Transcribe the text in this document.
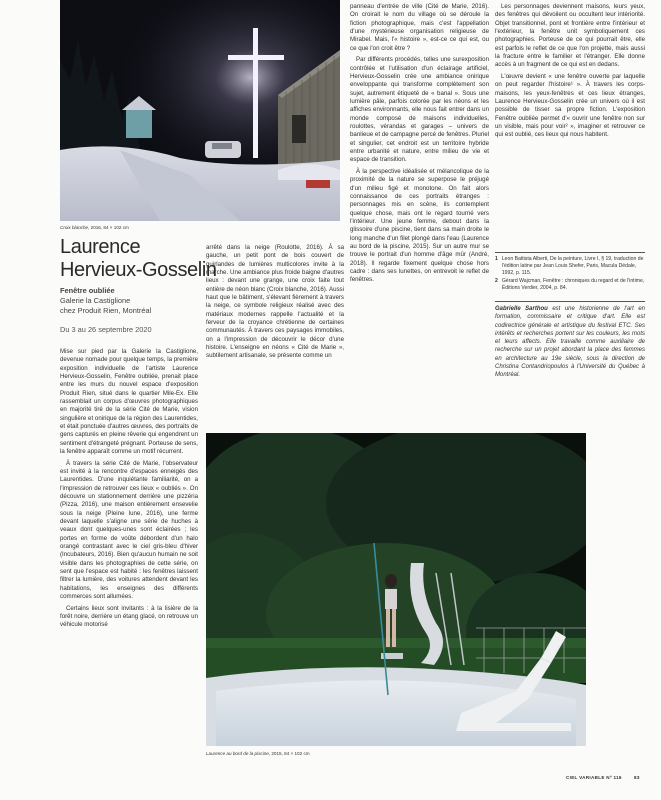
Croix blanche, 2016, 84 × 102 cm
Laurence
Hervieux-Gosselin
Fenêtre oubliée
Galerie la Castiglione
chez Produit Rien, Montréal
Du 3 au 26 septembre 2020

Mise sur pied par la Galerie la Castiglione, devenue nomade pour quelque temps, la première exposition individuelle de l'artiste Laurence Hervieux-Gosselin, Fenêtre oubliée, prenait place entre les murs du nouvel espace d'exposition Produit Rien, situé dans le quartier Mile-Ex. Elle rassemblait un corpus d'œuvres photographiques en majorité tiré de la série Cité de Marie, vision singulière et onirique de la région des Laurentides, et était ponctuée d'autres œuvres, des portraits de gens capturés en pleine rêverie qui engendrent un sentiment d'étrangeté prégnant. Porteuse de sens, la fenêtre apparaît comme un motif récurrent.

À travers la série Cité de Marie, l'observateur est invité à la rencontre d'espaces enneigés des Laurentides. D'une inquiétante familiarité, on a l'impression de retrouver ces lieux « oubliés ». On découvre un stationnement derrière une pizzéria (Pizza, 2016), une maison entièrement ensevelie sous la neige (Pleine lune, 2016), une ferme devant laquelle s'aligne une série de huches à veaux dont quelques-unes sont éclairées ; les portes en forme de voûte débordent d'un halo orangé contrastant avec le ciel gris-bleu d'hiver (Incubateurs, 2016). Bien qu'aucun humain ne soit visible dans les photographies de cette série, on sent que l'espace est habité : les fenêtres laissent filtrer la lumière, des voitures attendent devant les habitations, les enseignes des différents commerces sont allumées.

Certains lieux sont invitants : à la lisière de la forêt noire, derrière un étang glacé, on retrouve un véhicule motorisé

arrêté dans la neige (Roulotte, 2016). À sa gauche, un petit pont de bois couvert de guirlandes de lumières multicolores invite à la marche. Une ambiance plus froide baigne d'autres lieux : devant une grange, une croix faite tout entière de néon blanc (Croix blanche, 2016). Aussi haut que le bâtiment, s'élevant fièrement à travers la neige, ce symbole religieux réalisé avec des matériaux modernes rappelle l'actualité et la ferveur de la croyance chrétienne de certaines communautés. À travers ces paysages immobiles, on a l'impression de découvrir le décor d'une histoire. L'enseigne en néons « Cité de Marie », subtilement artisanale, se présente comme un

panneau d'entrée de ville (Cité de Marie, 2016). On croirait le nom du village où se déroule la fiction photographique, mais c'est l'appellation d'une mystérieuse organisation religieuse de Mirabel. Mais, l'« histoire », est-ce ce qui est, ou ce que l'on croit être ?

Par différents procédés, telles une surexposition contrôlée et l'utilisation d'un éclairage artificiel, Hervieux-Gosselin crée une ambiance onirique enveloppante qui transforme complètement son sujet, autrement étiqueté de « banal ». Sous une lumière pâle, parfois colorée par les néons et les affiches environnants, elle nous fait entrer dans un monde composé de maisons individuelles, roulottes, vérandas et garages – univers de banlieue et de campagne percé de fenêtres. Pluriel et singulier, cet endroit est un territoire hybride entre urbanité et nature, entre milieu de vie et espace de transition.

À la perspective idéalisée et mélancolique de la proximité de la nature se superpose le préjugé d'un milieu figé et monotone. On fait alors connaissance de ces portraits étranges : personnages mis en scène, ils contemplent quelque chose, mais ont le regard tourné vers l'intérieur. Une jeune femme, debout dans la glissoire d'une piscine, tient dans sa main droite le long manche d'un filet plongé dans l'eau (Laurence au bord de la piscine, 2015). Sur un autre mur se trouve le portrait d'un homme d'âge mûr (André, 2018). Il regarde fixement quelque chose hors cadre : dans ses lunettes, on entrevoit le reflet de fenêtres.

Les personnages deviennent maisons, leurs yeux, des fenêtres qui dévoilent ou occultent leur intériorité. Objet transitionnel, pont et frontière entre l'intérieur et l'extérieur, la fenêtre unit symboliquement ces photographies. Porteuse de ce qui pourrait être, elle est parfois le reflet de ce que l'on projette, mais aussi la fracture entre le familier et l'étranger. Elle donne accès à un fragment de ce qui est en dedans.

L'œuvre devient « une fenêtre ouverte par laquelle on peut regarder l'histoire¹ ». À travers les corps-maisons, les yeux-fenêtres et ces lieux étranges, Laurence Hervieux-Gosselin crée un univers où il est possible de tisser sa propre fiction. L'exposition Fenêtre oubliée permet d'« ouvrir une fenêtre non sur un visible, mais pour voir² », imaginer et retrouver ce qui est oublié, ces lieux qui nous habitent.

1 Leon Battista Alberti, De la peinture, Livre I, § 19, traduction de l'édition latine par Jean Louis Shefer, Paris, Macula Dédale, 1992, p. 115.
2 Gérard Wajcman, Fenêtre : chroniques du regard et de l'intime, Éditions Verdier, 2004, p. 84.
Gabrielle Sarthou est une historienne de l'art en formation, commissaire et critique d'art. Elle est codirectrice générale et artistique du festival ETC. Ses intérêts et recherches portent sur les couleurs, les mots et leurs affects. Elle travaille comme auxiliaire de recherche sur un projet abordant la place des femmes en architecture au 19e siècle, sous la direction de Christina Contandriopoulos à l'Université du Québec à Montréal.
Laurence au bord de la piscine, 2015, 84 × 102 cm
CIEL VARIABLE Nº 116	83
